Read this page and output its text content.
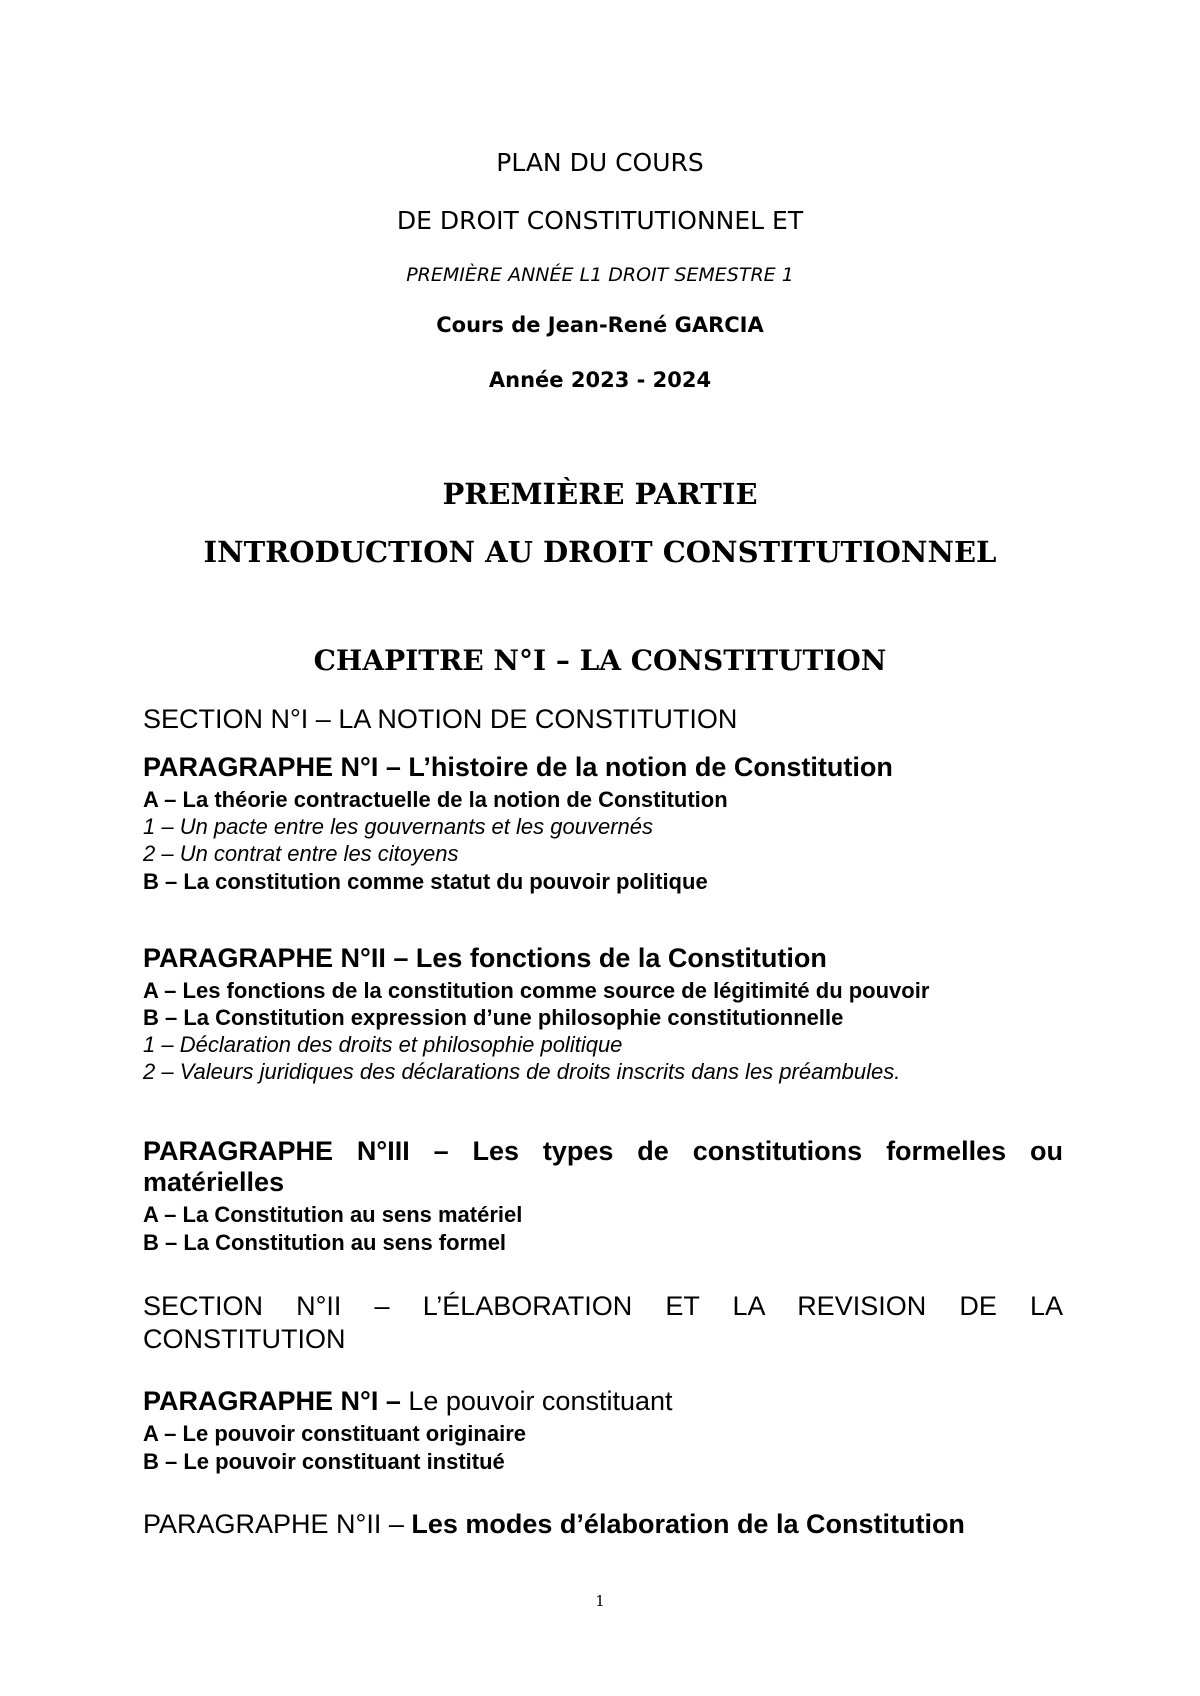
PLAN DU COURS
DE DROIT CONSTITUTIONNEL ET
PREMIÈRE ANNÉE L1 DROIT SEMESTRE 1
Cours de Jean-René GARCIA
Année 2023 - 2024
PREMIÈRE PARTIE
INTRODUCTION AU DROIT CONSTITUTIONNEL
CHAPITRE N°I – LA CONSTITUTION
SECTION N°I – LA NOTION DE CONSTITUTION
PARAGRAPHE N°I – L’histoire de la notion de Constitution
A – La théorie contractuelle de la notion de Constitution
1 – Un pacte entre les gouvernants et les gouvernés
2 – Un contrat entre les citoyens
B – La constitution comme statut du pouvoir politique
PARAGRAPHE N°II – Les fonctions de la Constitution
A – Les fonctions de la constitution comme source de légitimité du pouvoir
B – La Constitution expression d’une philosophie constitutionnelle
1 – Déclaration des droits et philosophie politique
2 – Valeurs juridiques des déclarations de droits inscrits dans les préambules.
PARAGRAPHE N°III – Les types de constitutions formelles ou matérielles
A – La Constitution au sens matériel
B – La Constitution au sens formel
SECTION N°II – L’ÉLABORATION ET LA REVISION DE LA CONSTITUTION
PARAGRAPHE N°I – Le pouvoir constituant
A – Le pouvoir constituant originaire
B – Le pouvoir constituant institué
PARAGRAPHE N°II – Les modes d’élaboration de la Constitution
1
